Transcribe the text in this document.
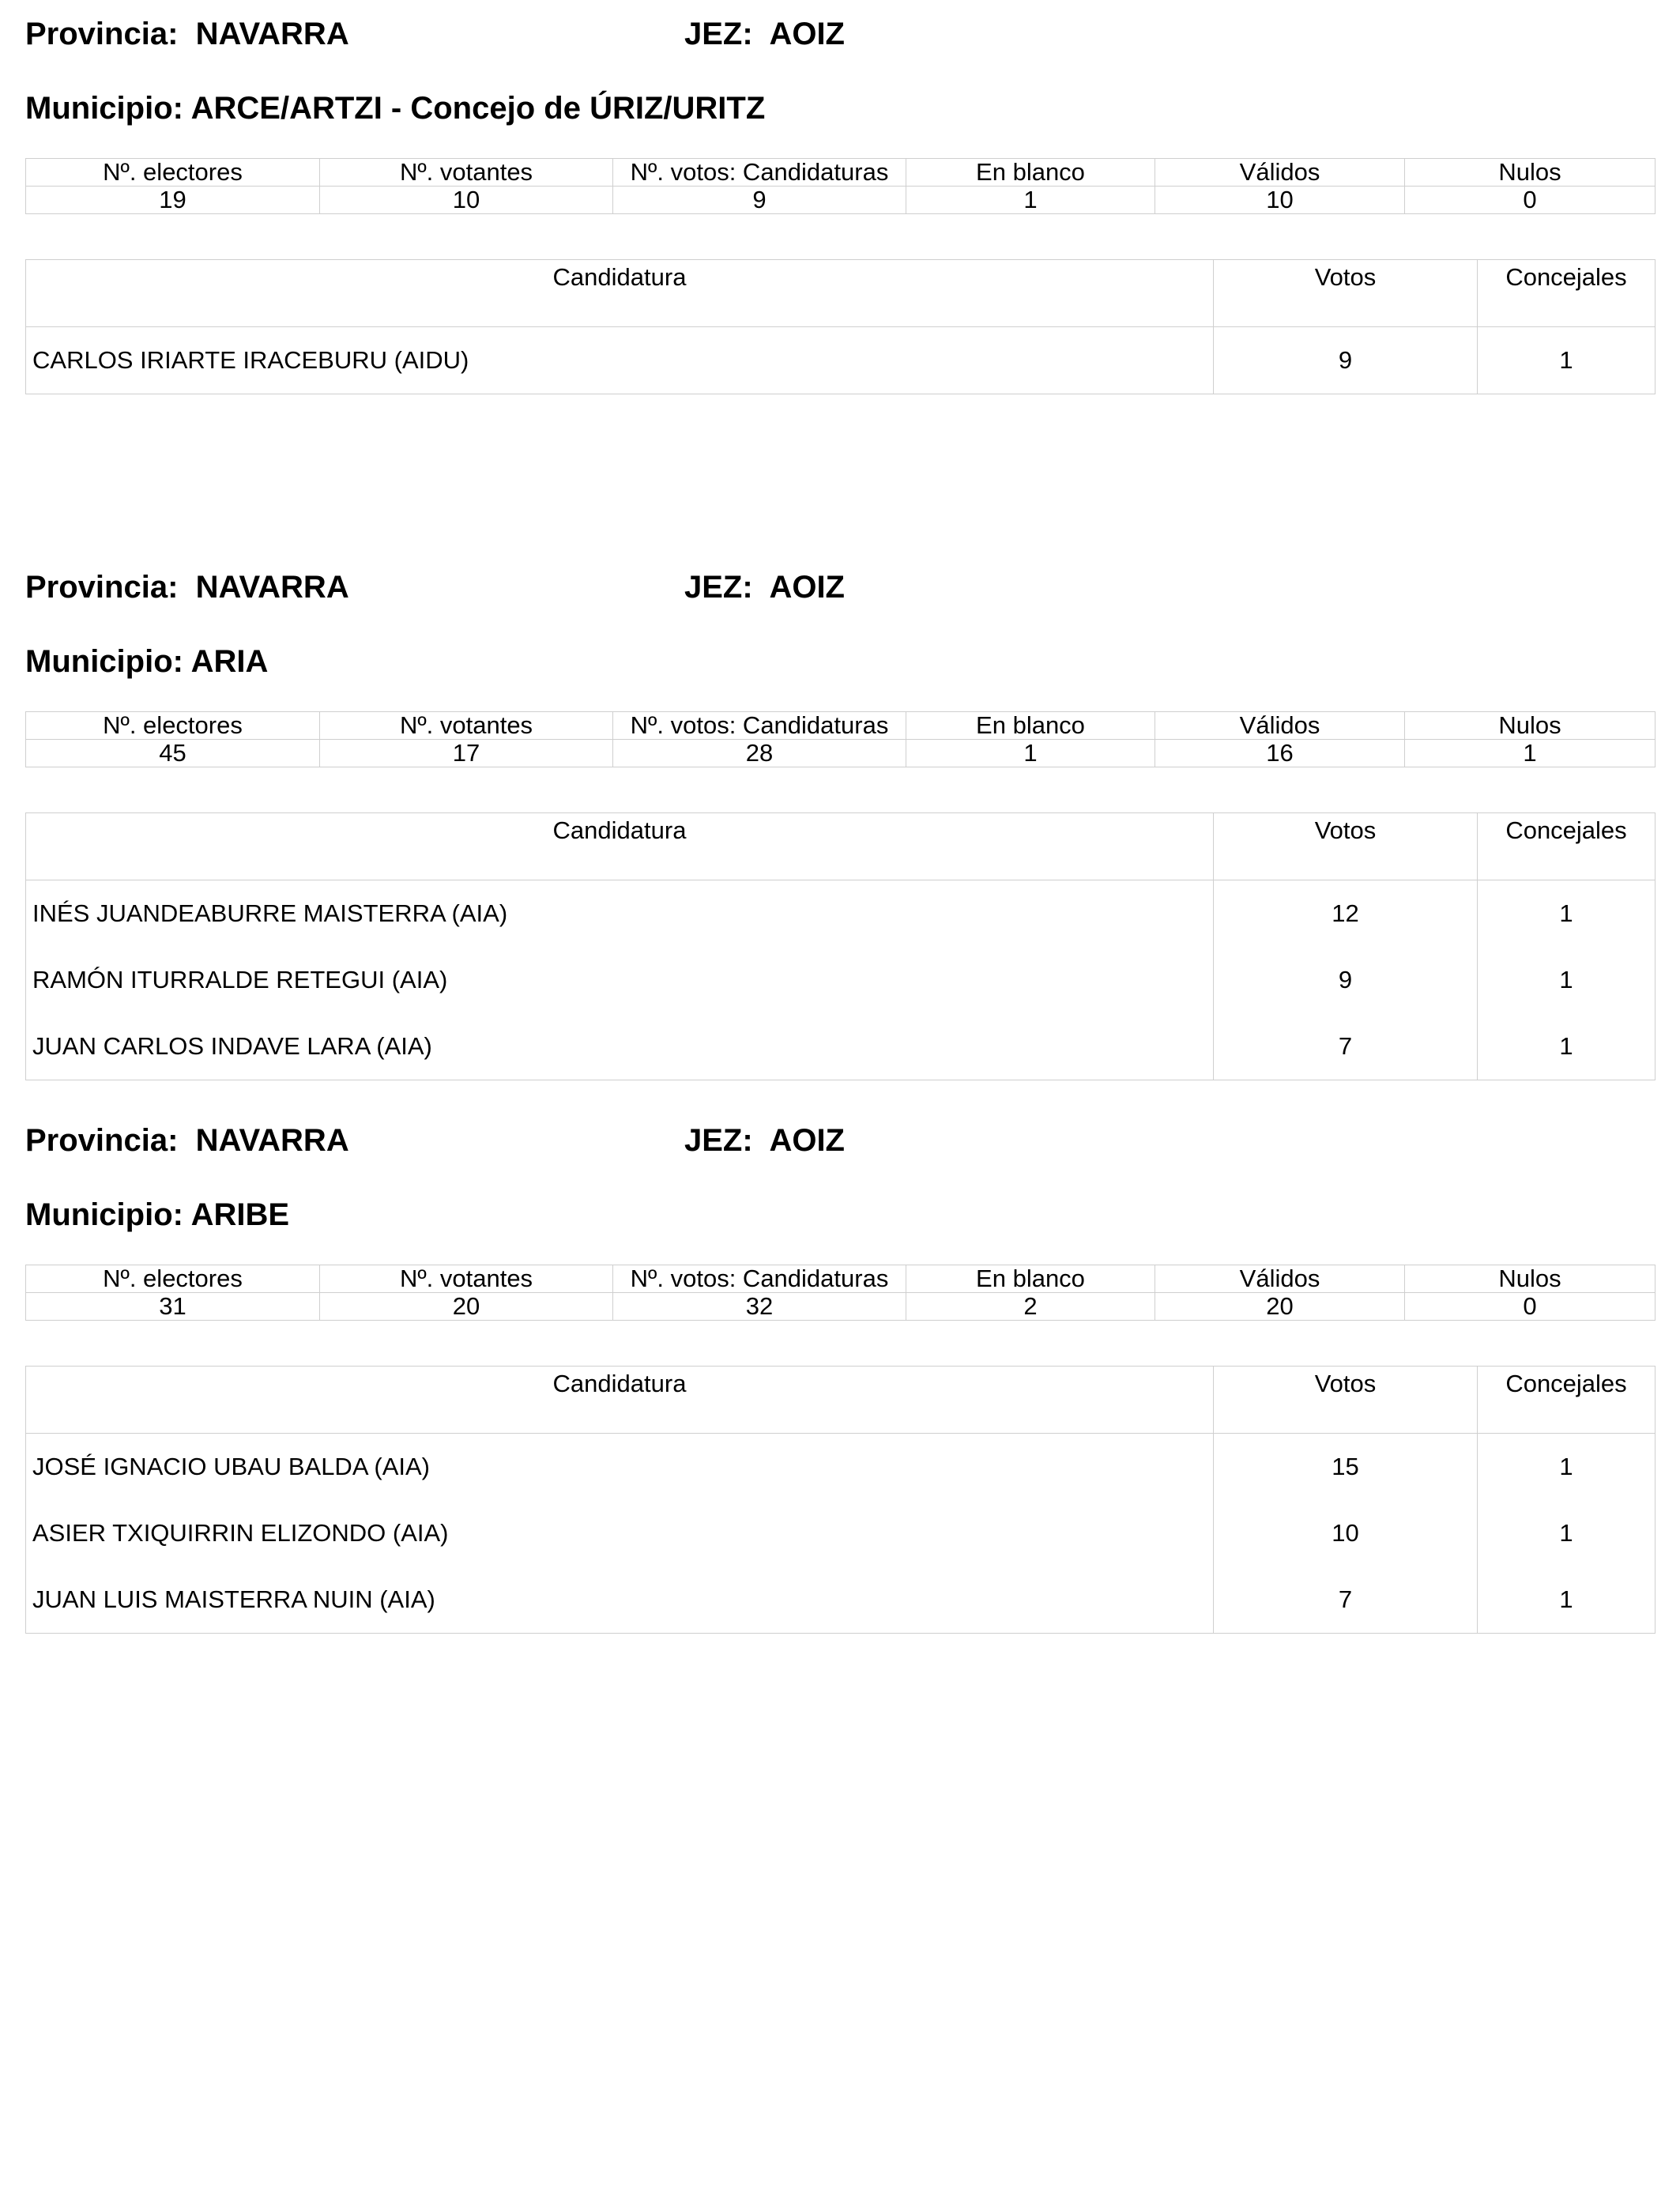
Provincia: NAVARRA	JEZ: AOIZ
Municipio: ARCE/ARTZI - Concejo de ÚRIZ/URITZ
Nº. electores	Nº. votantes	Nº. votos: Candidaturas	En blanco	Válidos	Nulos
19	10	9	1	10	0
Candidatura	Votos	Concejales
CARLOS IRIARTE IRACEBURU (AIDU)	9	1
Provincia: NAVARRA	JEZ: AOIZ
Municipio: ARIA
Nº. electores	Nº. votantes	Nº. votos: Candidaturas	En blanco	Válidos	Nulos
45	17	28	1	16	1
Candidatura	Votos	Concejales
INÉS JUANDEABURRE MAISTERRA (AIA)	12	1
RAMÓN ITURRALDE RETEGUI (AIA)	9	1
JUAN CARLOS INDAVE LARA (AIA)	7	1
Provincia: NAVARRA	JEZ: AOIZ
Municipio: ARIBE
Nº. electores	Nº. votantes	Nº. votos: Candidaturas	En blanco	Válidos	Nulos
31	20	32	2	20	0
Candidatura	Votos	Concejales
JOSÉ IGNACIO UBAU BALDA (AIA)	15	1
ASIER TXIQUIRRIN ELIZONDO (AIA)	10	1
JUAN LUIS MAISTERRA NUIN (AIA)	7	1
